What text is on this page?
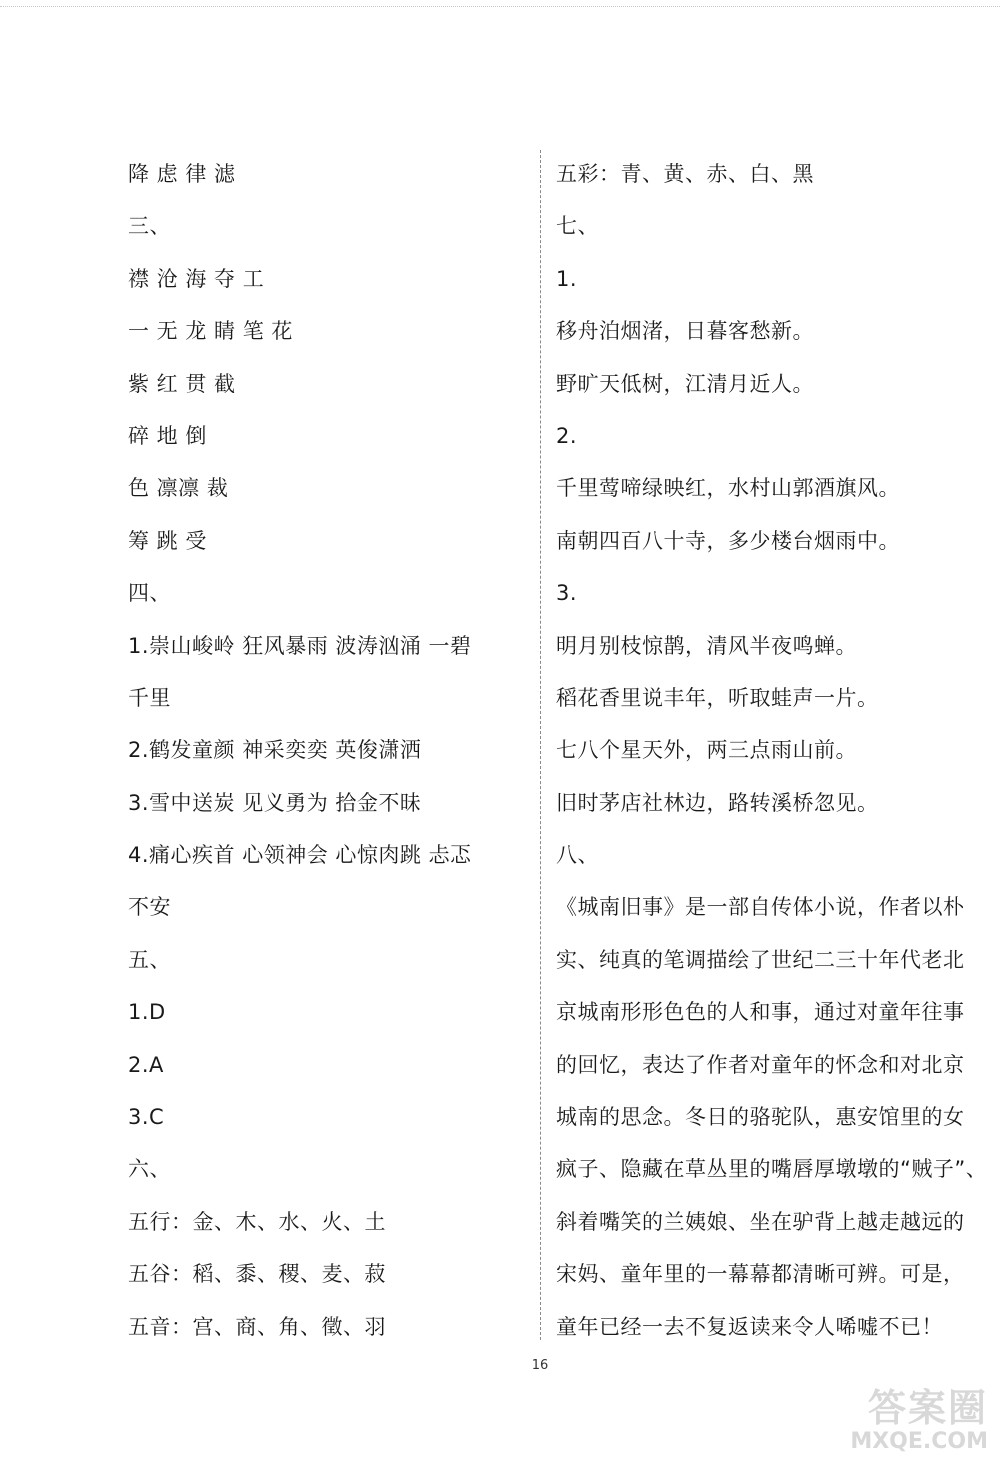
降 虑 律 滤
三、
襟 沧 海 夺 工
一 无 龙 睛 笔 花
紫 红 贯 截
碎 地 倒
色 凛凛 裁
筹 跳 受
四、
1.崇山峻岭 狂风暴雨 波涛汹涌 一碧
千里
2.鹤发童颜 神采奕奕 英俊潇洒
3.雪中送炭 见义勇为 拾金不昧
4.痛心疾首 心领神会 心惊肉跳 忐忑
不安
五、
1.D
2.A
3.C
六、
五行：金、木、水、火、土
五谷：稻、黍、稷、麦、菽
五音：宫、商、角、徵、羽
五彩：青、黄、赤、白、黑
七、
1.
移舟泊烟渚，日暮客愁新。
野旷天低树，江清月近人。
2.
千里莺啼绿映红，水村山郭酒旗风。
南朝四百八十寺，多少楼台烟雨中。
3.
明月别枝惊鹊，清风半夜鸣蝉。
稻花香里说丰年，听取蛙声一片。
七八个星天外，两三点雨山前。
旧时茅店社林边，路转溪桥忽见。
八、
《城南旧事》是一部自传体小说，作者以朴
实、纯真的笔调描绘了世纪二三十年代老北
京城南形形色色的人和事，通过对童年往事
的回忆，表达了作者对童年的怀念和对北京
城南的思念。冬日的骆驼队，惠安馆里的女
疯子、隐藏在草丛里的嘴唇厚墩墩的“贼子”、
斜着嘴笑的兰姨娘、坐在驴背上越走越远的
宋妈、童年里的一幕幕都清晰可辨。可是，
童年已经一去不复返读来令人唏嘘不已！
16
答案圈
MXQE.COM
